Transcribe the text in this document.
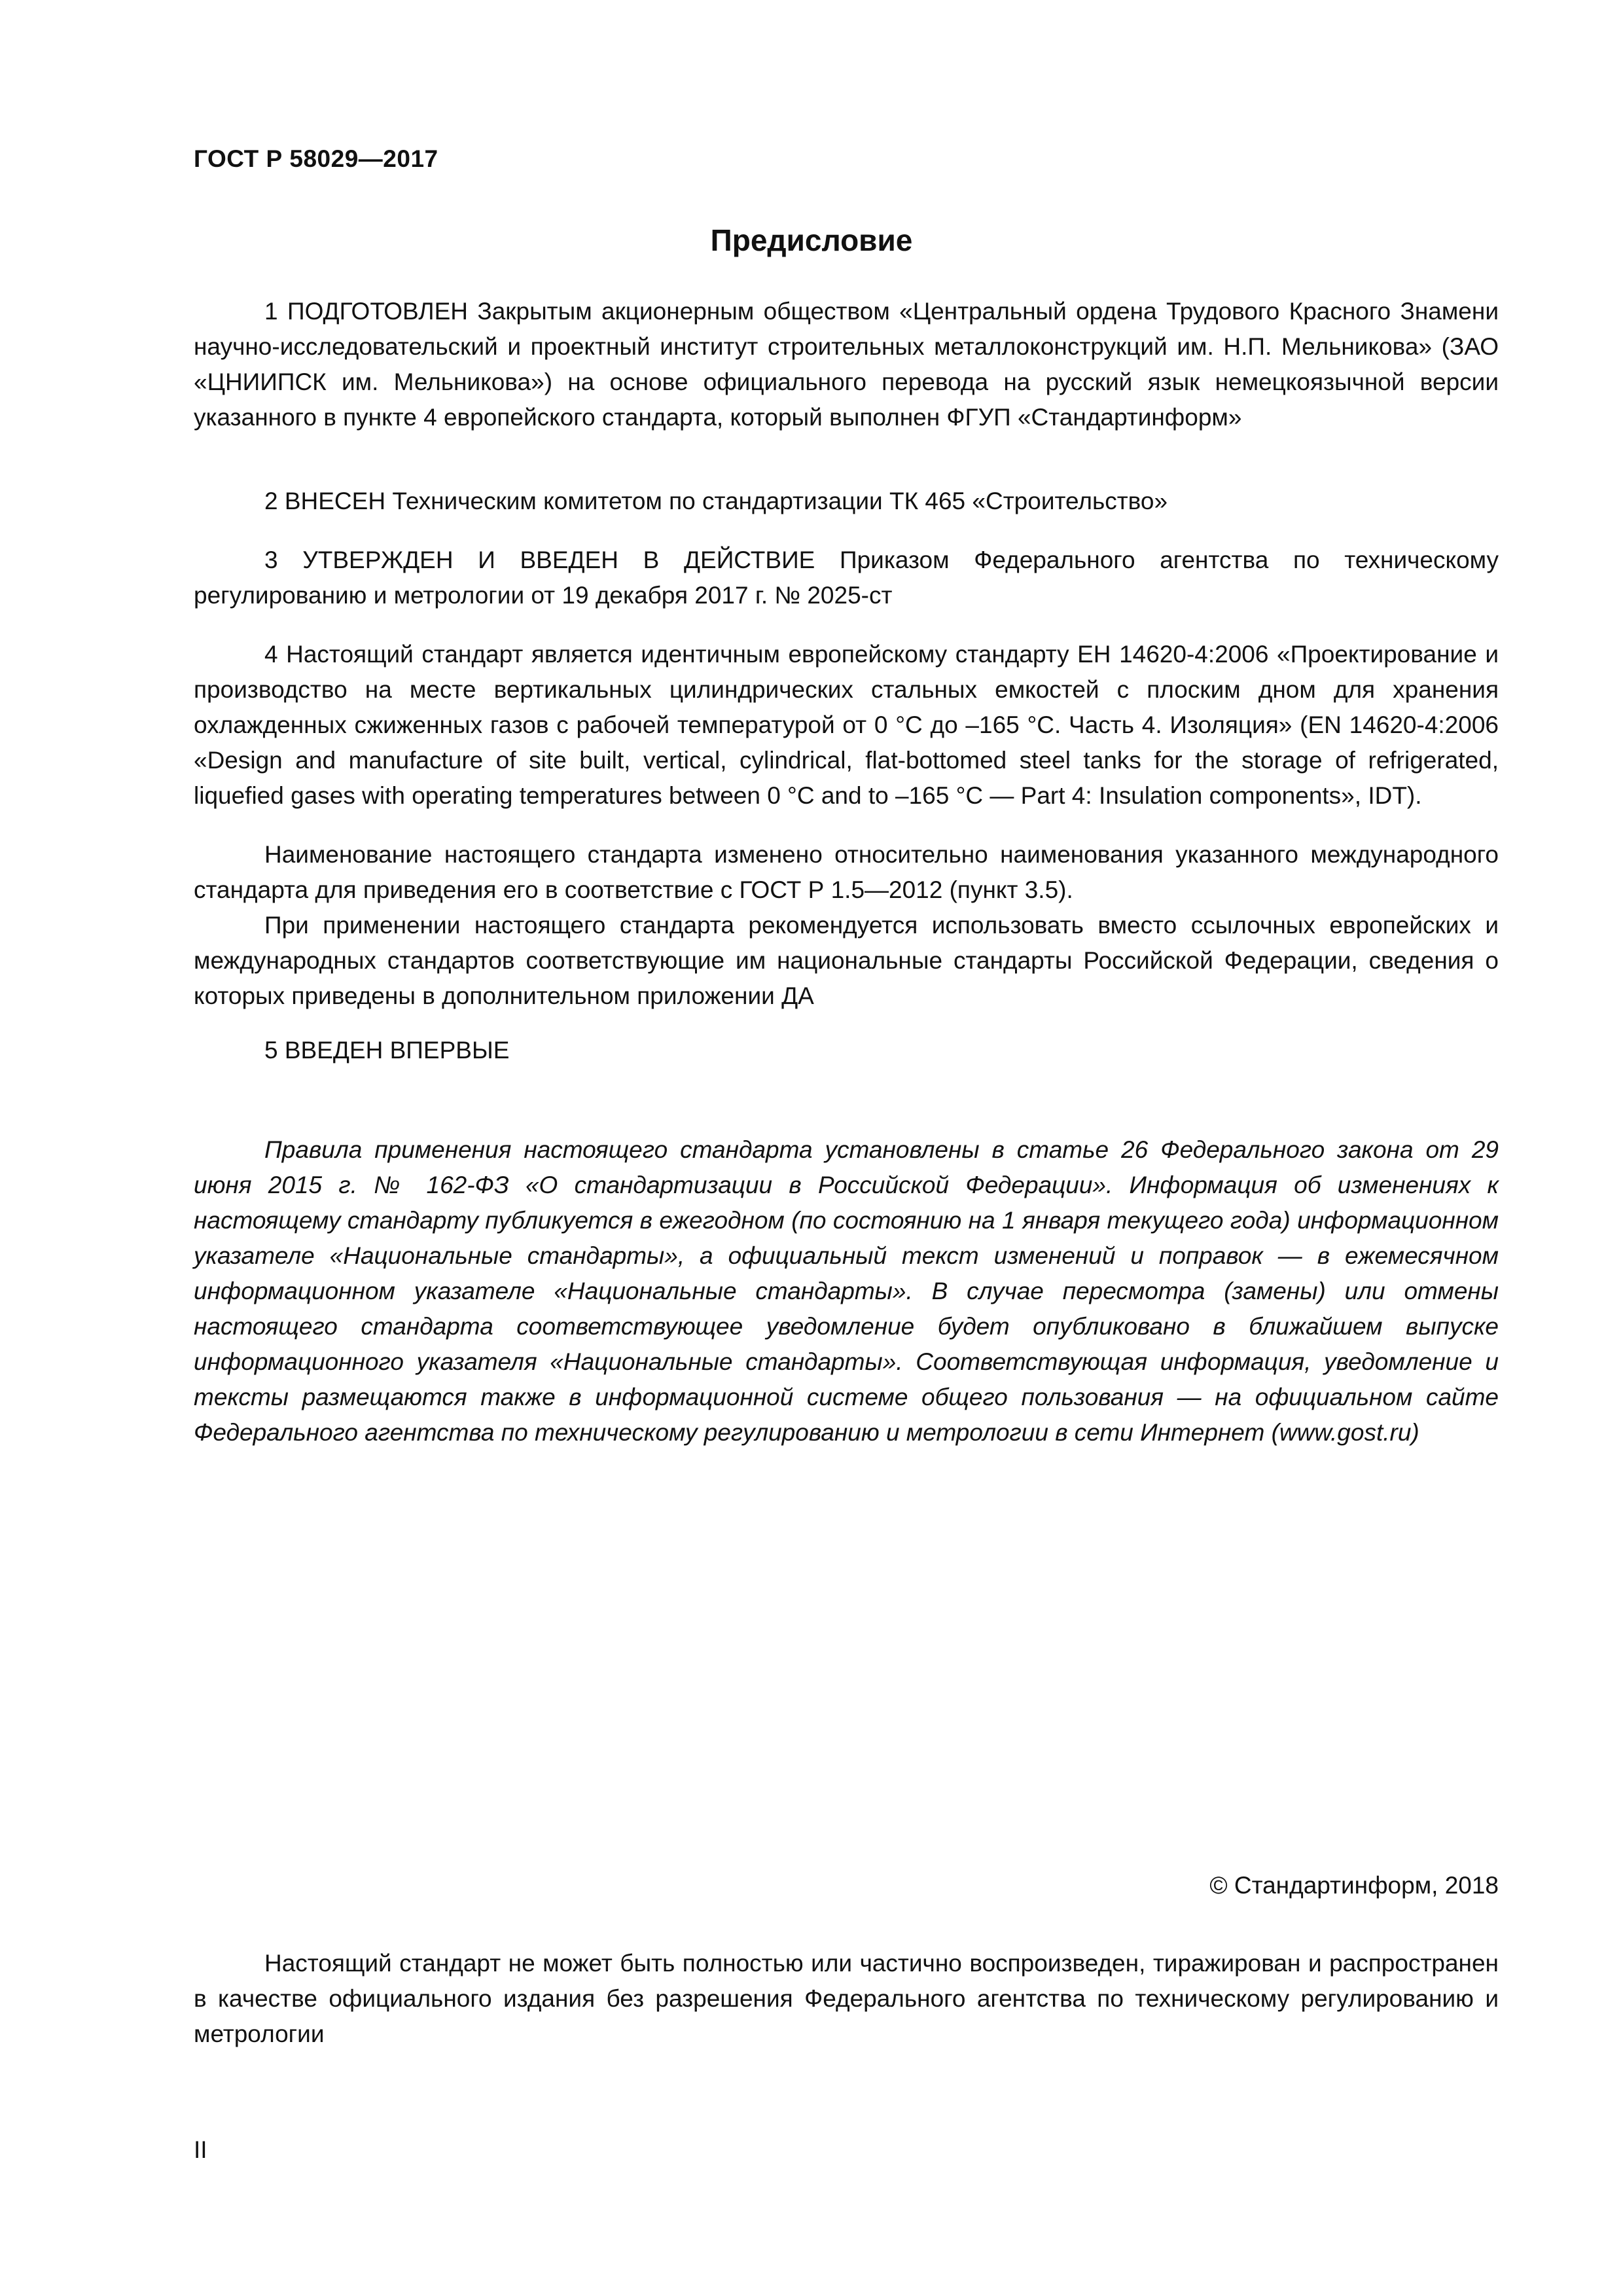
ГОСТ Р 58029—2017
Предисловие

1 ПОДГОТОВЛЕН Закрытым акционерным обществом «Центральный ордена Трудового Красного Знамени научно-исследовательский и проектный институт строительных металлоконструкций им. Н.П. Мельникова» (ЗАО «ЦНИИПСК им. Мельникова») на основе официального перевода на русский язык немецкоязычной версии указанного в пункте 4 европейского стандарта, который выполнен ФГУП «Стандартинформ»

2 ВНЕСЕН Техническим комитетом по стандартизации ТК 465 «Строительство»

3 УТВЕРЖДЕН И ВВЕДЕН В ДЕЙСТВИЕ Приказом Федерального агентства по техническому регулированию и метрологии от 19 декабря 2017 г. № 2025-ст

4 Настоящий стандарт является идентичным европейскому стандарту ЕН 14620-4:2006 «Проектирование и производство на месте вертикальных цилиндрических стальных емкостей с плоским дном для хранения охлажденных сжиженных газов с рабочей температурой от 0 °C до –165 °C. Часть 4. Изоляция» (EN 14620-4:2006 «Design and manufacture of site built, vertical, cylindrical, flat-bottomed steel tanks for the storage of refrigerated, liquefied gases with operating temperatures between 0 °C and to –165 °C — Part 4: Insulation components», IDT).

Наименование настоящего стандарта изменено относительно наименования указанного международного стандарта для приведения его в соответствие с ГОСТ Р 1.5—2012 (пункт 3.5).

При применении настоящего стандарта рекомендуется использовать вместо ссылочных европейских и международных стандартов соответствующие им национальные стандарты Российской Федерации, сведения о которых приведены в дополнительном приложении ДА

5 ВВЕДЕН ВПЕРВЫЕ

Правила применения настоящего стандарта установлены в статье 26 Федерального закона от 29 июня 2015 г. № 162-ФЗ «О стандартизации в Российской Федерации». Информация об изменениях к настоящему стандарту публикуется в ежегодном (по состоянию на 1 января текущего года) информационном указателе «Национальные стандарты», а официальный текст изменений и поправок — в ежемесячном информационном указателе «Национальные стандарты». В случае пересмотра (замены) или отмены настоящего стандарта соответствующее уведомление будет опубликовано в ближайшем выпуске информационного указателя «Национальные стандарты». Соответствующая информация, уведомление и тексты размещаются также в информационной системе общего пользования — на официальном сайте Федерального агентства по техническому регулированию и метрологии в сети Интернет (www.gost.ru)

© Стандартинформ, 2018

Настоящий стандарт не может быть полностью или частично воспроизведен, тиражирован и распространен в качестве официального издания без разрешения Федерального агентства по техническому регулированию и метрологии

II
